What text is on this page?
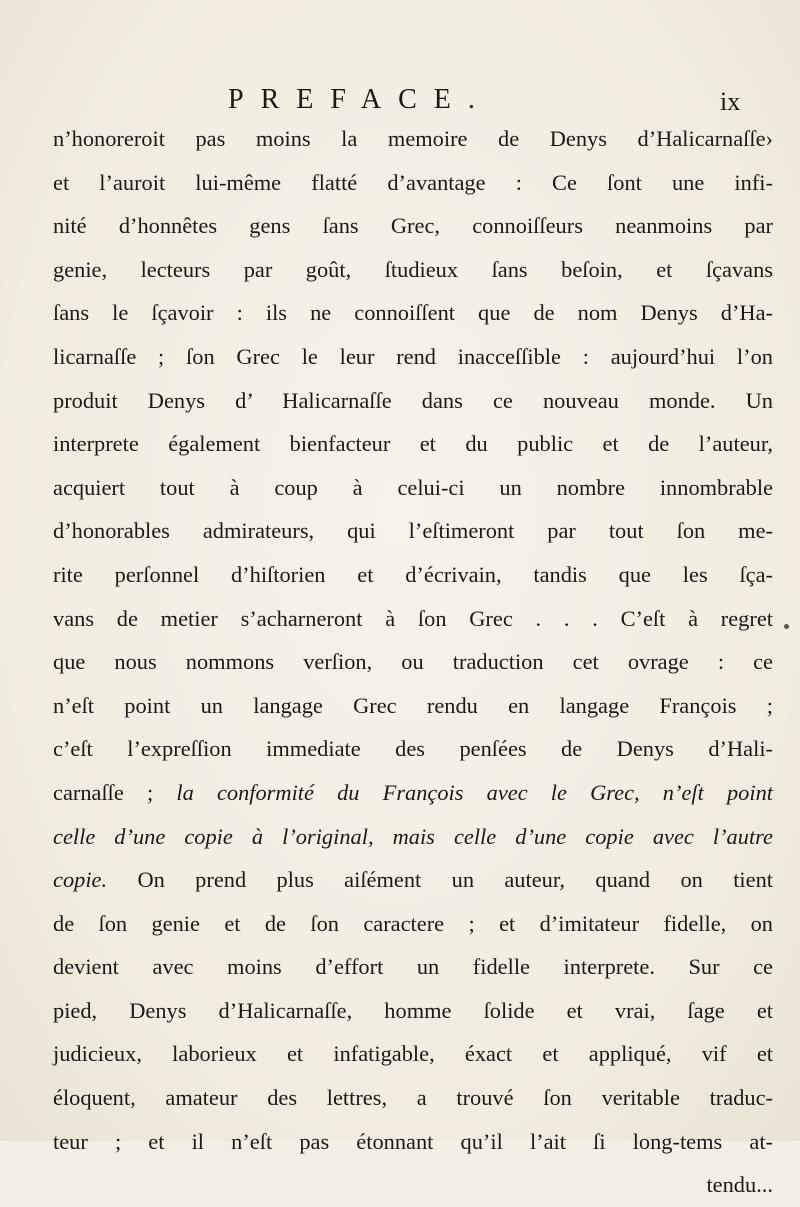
PREFACE.	ix
n’honoreroit pas moins la memoire de Denys d’Halicarnaſſe›
et l’auroit lui-même flatté d’avantage : Ce ſont une infi-
nité d’honnêtes gens ſans Grec, connoiſſeurs neanmoins par
genie, lecteurs par goût, ſtudieux ſans beſoin, et ſçavans
ſans le ſçavoir : ils ne connoiſſent que de nom Denys d’Ha-
licarnaſſe ; ſon Grec le leur rend inacceſſible : aujourd’hui l’on
produit Denys d’ Halicarnaſſe dans ce nouveau monde. Un
interprete également bienfacteur et du public et de l’auteur,
acquiert tout à coup à celui-ci un nombre innombrable
d’honorables admirateurs, qui l’eſtimeront par tout ſon me-
rite perſonnel d’hiſtorien et d’écrivain, tandis que les ſça-
vans de metier s’acharneront à ſon Grec . . . C’eſt à regret
que nous nommons verſion, ou traduction cet ovrage : ce
n’eſt point un langage Grec rendu en langage François ;
c’eſt l’expreſſion immediate des penſées de Denys d’Hali-
carnaſſe ; la conformité du François avec le Grec, n’eſt point
celle d’une copie à l’original, mais celle d’une copie avec l’autre
copie. On prend plus aiſément un auteur, quand on tient
de ſon genie et de ſon caractere ; et d’imitateur fidelle, on
devient avec moins d’effort un fidelle interprete. Sur ce
pied, Denys d’Halicarnaſſe, homme ſolide et vrai, ſage et
judicieux, laborieux et infatigable, éxact et appliqué, vif et
éloquent, amateur des lettres, a trouvé ſon veritable traduc-
teur ; et il n’eſt pas étonnant qu’il l’ait ſi long-tems at-
tendu...
